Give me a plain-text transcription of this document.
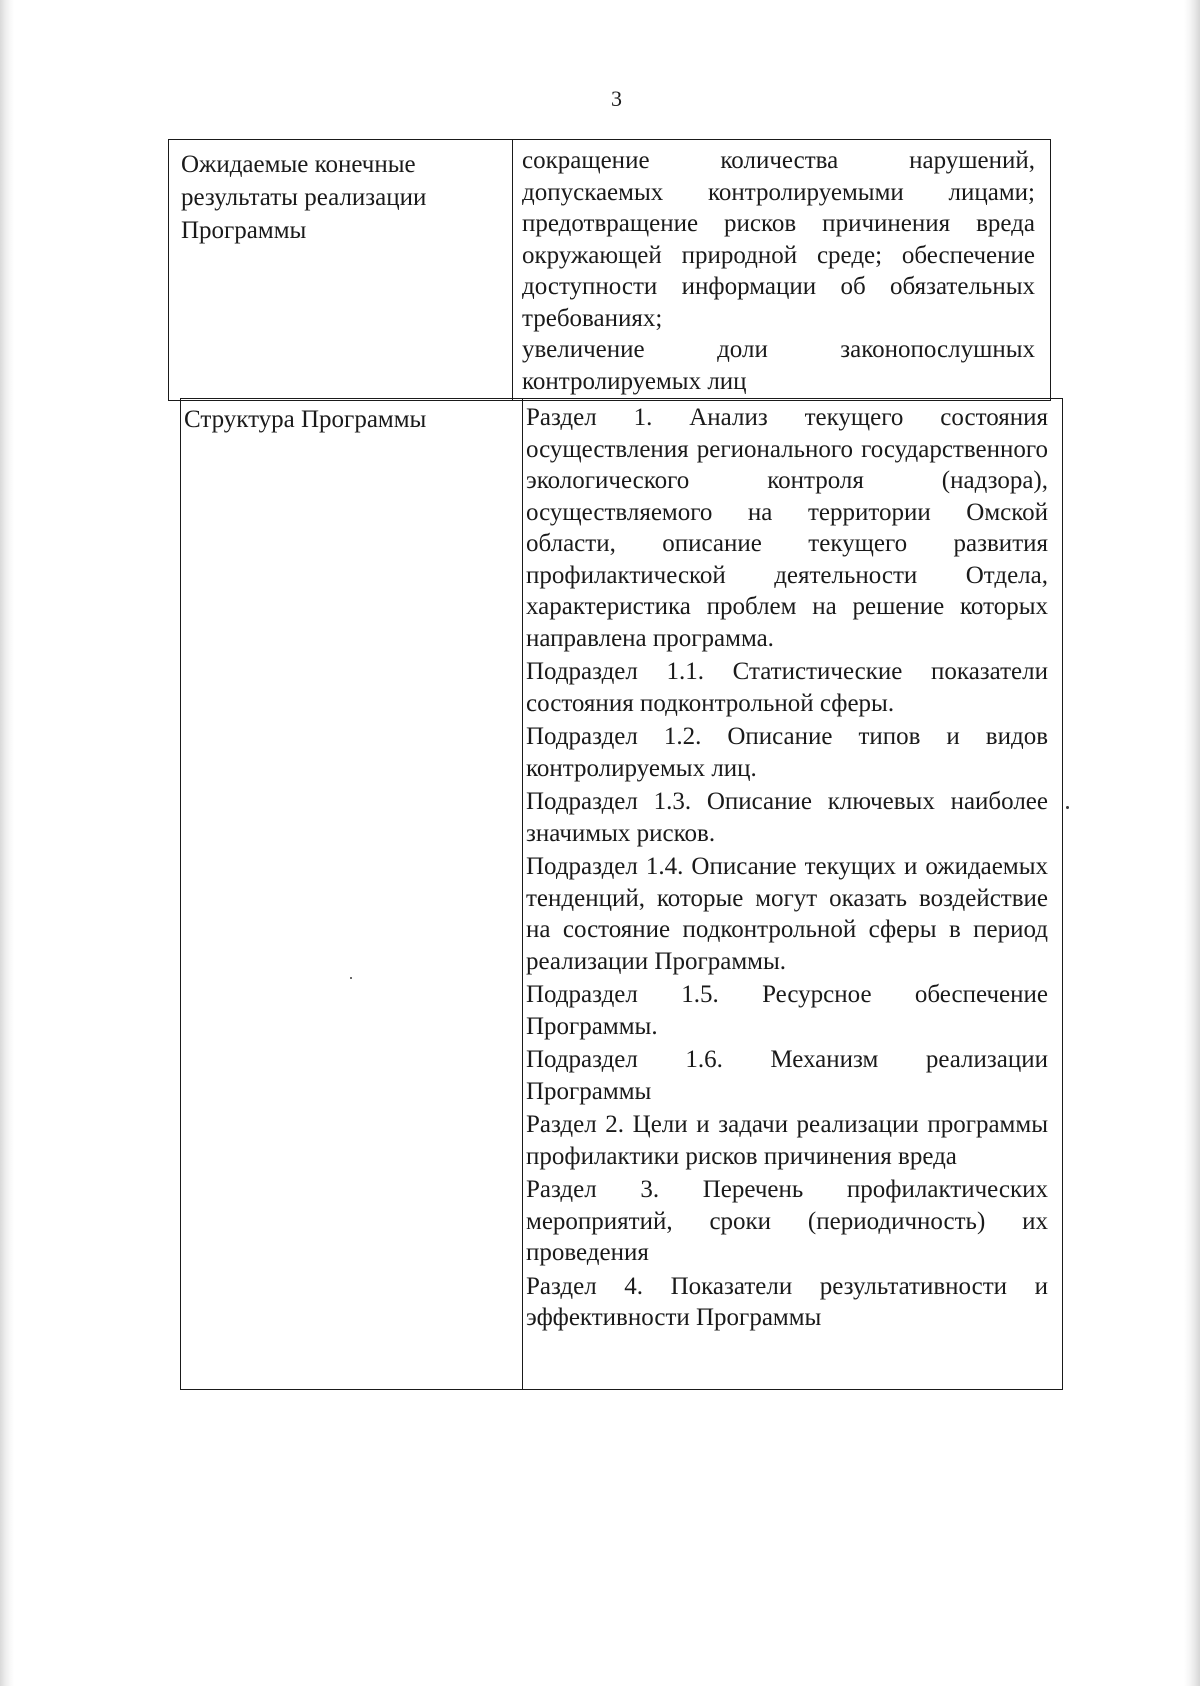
3
Ожидаемые конечные результаты реализации Программы

сокращение количества нарушений, допускаемых контролируемыми лицами; предотвращение рисков причинения вреда окружающей природной среде; обеспечение доступности информации об обязательных требованиях;

увеличение доли законопослушных контролируемых лиц

Структура Программы	Раздел 1. Анализ текущего состояния осуществления регионального государственного экологического контроля (надзора), осуществляемого на территории Омской области, описание текущего развития профилактической деятельности Отдела, характеристика проблем на решение которых направлена программа.

Подраздел 1.1. Статистические показатели состояния подконтрольной сферы.

Подраздел 1.2. Описание типов и видов контролируемых лиц.

Подраздел 1.3. Описание ключевых наиболее значимых рисков.

Подраздел 1.4. Описание текущих и ожидаемых тенденций, которые могут оказать воздействие на состояние подконтрольной сферы в период реализации Программы.

Подраздел 1.5. Ресурсное обеспечение Программы.

Подраздел 1.6. Механизм реализации Программы

Раздел 2. Цели и задачи реализации программы профилактики рисков причинения вреда

Раздел 3. Перечень профилактических мероприятий, сроки (периодичность) их проведения

Раздел 4. Показатели результативности и эффективности Программы
